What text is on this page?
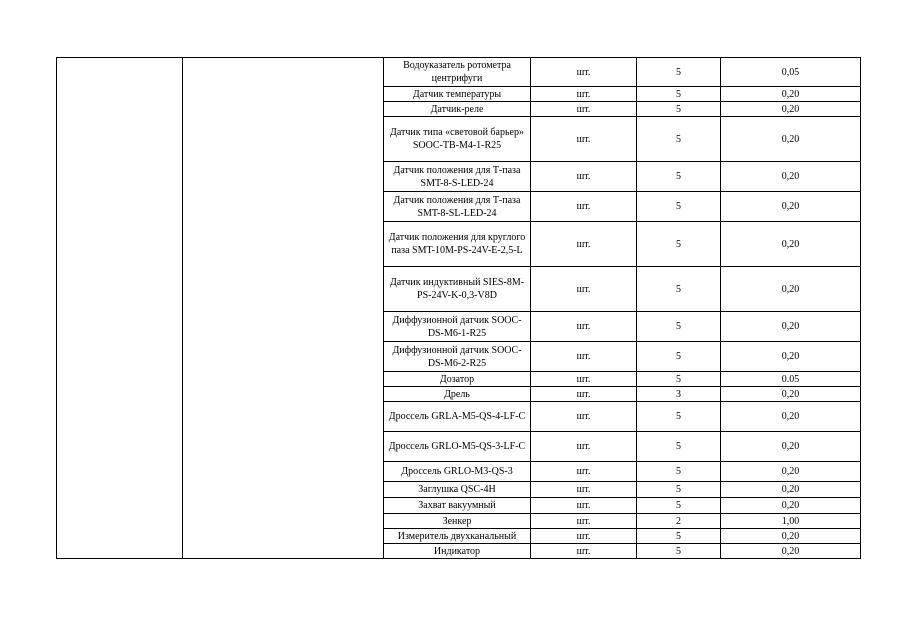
		Водоуказатель ротометра центрифуги	шт.	5	0,05
		Датчик температуры	шт.	5	0,20
		Датчик-реле	шт.	5	0,20
		Датчик типа «световой барьер» SOOC-TB-M4-1-R25	шт.	5	0,20
		Датчик положения для Т-паза SMT-8-S-LED-24	шт.	5	0,20
		Датчик положения для Т-паза SMT-8-SL-LED-24	шт.	5	0,20
		Датчик положения для круглого паза SMT-10M-PS-24V-E-2,5-L	шт.	5	0,20
		Датчик индуктивный SIES-8M-PS-24V-K-0,3-V8D	шт.	5	0,20
		Диффузионной датчик SOOC-DS-M6-1-R25	шт.	5	0,20
		Диффузионной датчик SOOC-DS-M6-2-R25	шт.	5	0,20
		Дозатор	шт.	5	0.05
		Дрель	шт.	3	0,20
		Дроссель GRLA-M5-QS-4-LF-C	шт.	5	0,20
		Дроссель GRLO-M5-QS-3-LF-C	шт.	5	0,20
		Дроссель GRLO-M3-QS-3	шт.	5	0,20
		Заглушка QSC-4H	шт.	5	0,20
		Захват вакуумный	шт.	5	0,20
		Зенкер	шт.	2	1,00
		Измеритель двухканальный	шт.	5	0,20
		Индикатор	шт.	5	0,20
